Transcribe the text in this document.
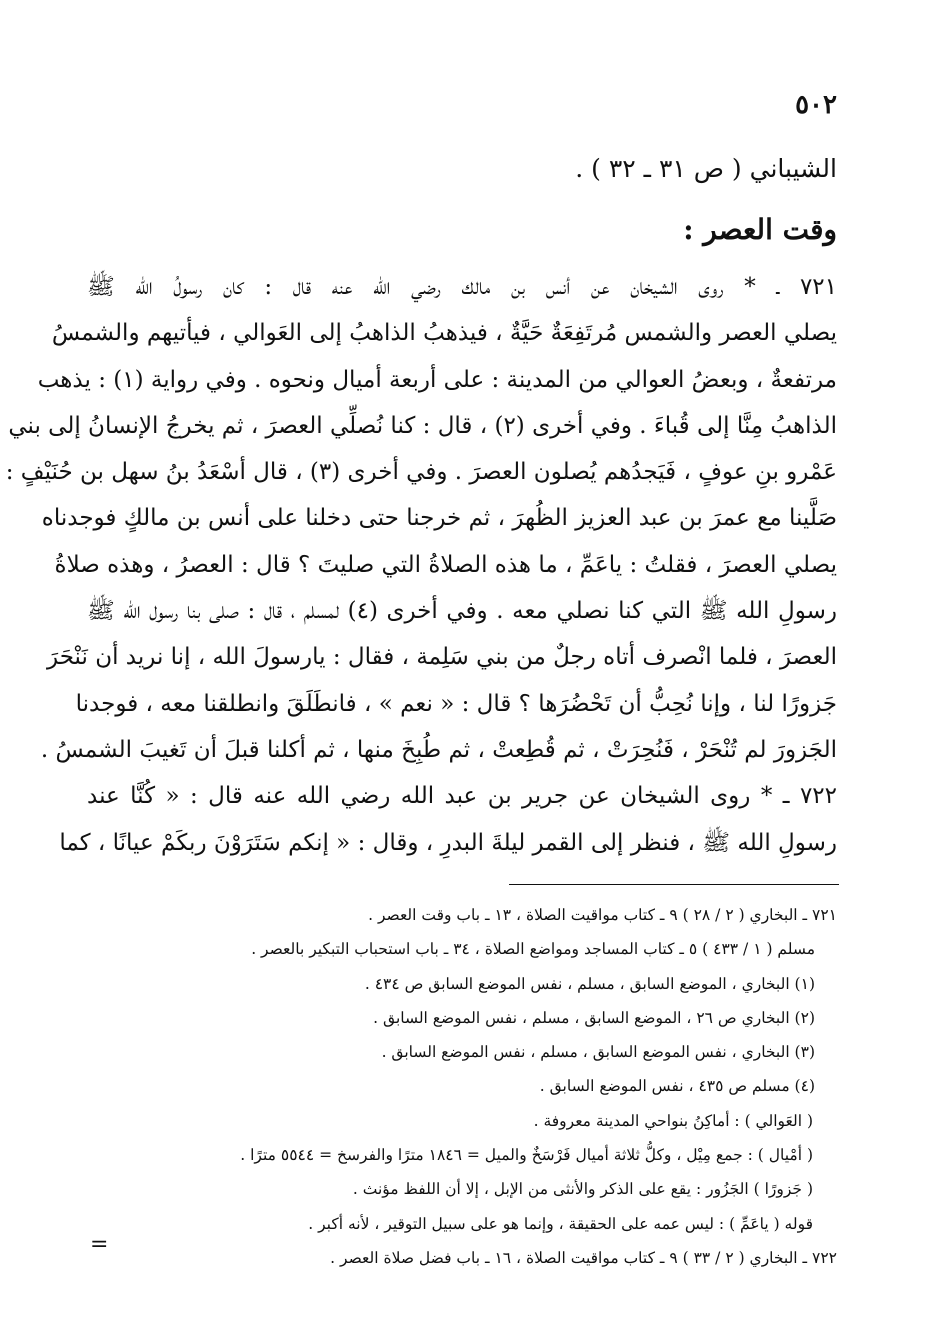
٥٠٢
الشيباني ( ص ٣١ ـ ٣٢ ) .
وقت العصر :
٧٢١ ـ * روى الشيخان عن أنس بن مالك رضي الله عنه قال : كان رسولُ الله ﷺ
يصلي العصر والشمس مُرتَفِعَةٌ حَيَّةٌ ، فيذهبُ الذاهبُ إلى العَوالي ، فيأتيهم والشمسُ
مرتفعةٌ ، وبعضُ العوالي من المدينة : على أربعة أميال ونحوه . وفي رواية (١) : يذهب
الذاهبُ مِنَّا إلى قُباءَ . وفي أخرى (٢) ، قال : كنا نُصلِّي العصرَ ، ثم يخرجُ الإنسانُ إلى بني
عَمْرو بنِ عوفٍ ، فَيَجدُهم يُصلون العصرَ . وفي أخرى (٣) ، قال أسْعَدُ بنُ سهل بن حُنَيْفٍ :
صَلَّينا مع عمرَ بن عبد العزيز الظُهرَ ، ثم خرجنا حتى دخلنا على أنس بن مالكٍ فوجدناه
يصلي العصرَ ، فقلتُ : ياعَمِّ ، ما هذه الصلاةُ التي صليتَ ؟ قال : العصرُ ، وهذه صلاةُ
رسولِ الله ﷺ التي كنا نصلي معه . وفي أخرى (٤) لمسلم ، قال : صلى بنا رسول الله ﷺ
العصرَ ، فلما انْصرف أتاه رجلٌ من بني سَلِمة ، فقال : يارسولَ الله ، إنا نريد أن نَنْحَرَ
جَزورًا لنا ، وإنا نُحِبُّ أن تَحْضُرَها ؟ قال : « نعم » ، فانطَلَقَ وانطلقنا معه ، فوجدنا
الجَزورَ لم تُنْحَرْ ، فَنُحِرَتْ ، ثم قُطِعتْ ، ثم طُبِخَ منها ، ثم أكلنا قبلَ أن تَغيبَ الشمسُ .
٧٢٢ ـ * روى الشيخان عن جرير بن عبد الله رضي الله عنه قال : « كُنَّا عند
رسولِ الله ﷺ ، فنظر إلى القمر ليلةَ البدرِ ، وقال : « إنكم سَتَرَوْنَ ربكَمْ عيانًا ، كما
٧٢١ ـ البخاري ( ٢ / ٢٨ ) ٩ ـ كتاب مواقيت الصلاة ، ١٣ ـ باب وقت العصر .
مسلم ( ١ / ٤٣٣ ) ٥ ـ كتاب المساجد ومواضع الصلاة ، ٣٤ ـ باب استحباب التبكير بالعصر .
(١) البخاري ، الموضع السابق ، مسلم ، نفس الموضع السابق ص ٤٣٤ .
(٢) البخاري ص ٢٦ ، الموضع السابق ، مسلم ، نفس الموضع السابق .
(٣) البخاري ، نفس الموضع السابق ، مسلم ، نفس الموضع السابق .
(٤) مسلم ص ٤٣٥ ، نفس الموضع السابق .
( العَوالي ) : أماكِنُ بنواحي المدينة معروفة .
( أمْيال ) : جمع مِيْل ، وكلُّ ثلاثة أميال فَرْسَخٌ والميل = ١٨٤٦ مترًا والفرسخ = ٥٥٤٤ مترًا .
( جَزورًا ) الجَزُور : يقع على الذكر والأنثى من الإبل ، إلا أن اللفظ مؤنث .
قوله ( ياعَمِّ ) : ليس عمه على الحقيقة ، وإنما هو على سبيل التوقير ، لأنه أكبر .
٧٢٢ ـ البخاري ( ٢ / ٣٣ ) ٩ ـ كتاب مواقيت الصلاة ، ١٦ ـ باب فضل صلاة العصر .
=
